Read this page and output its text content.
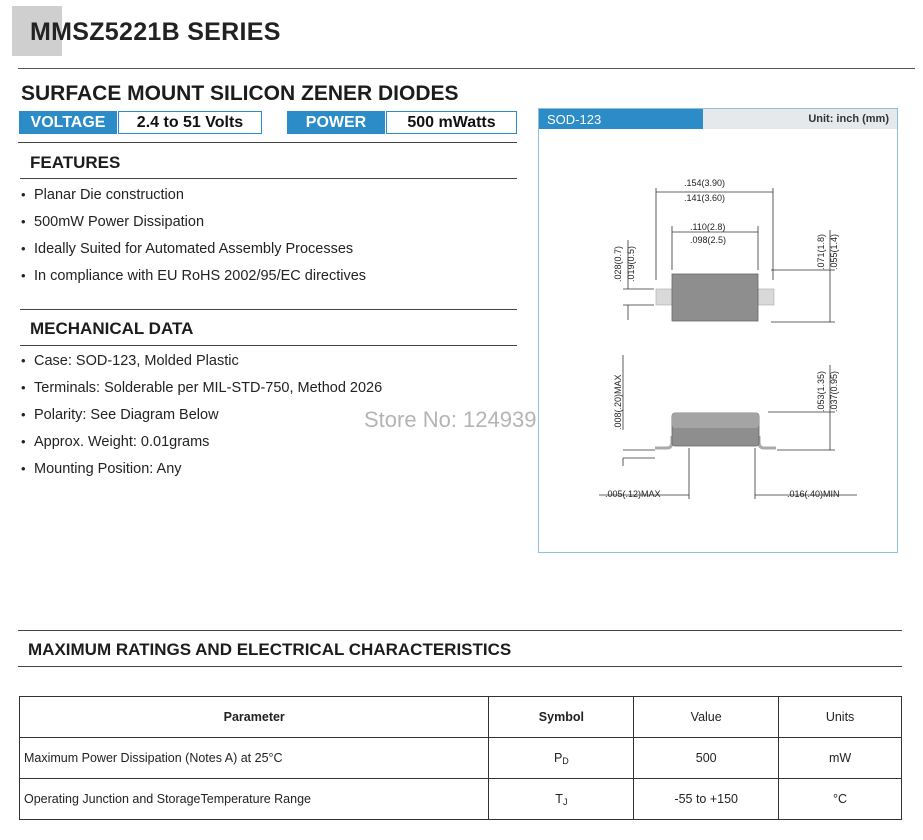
MMSZ5221B SERIES
SURFACE MOUNT SILICON ZENER DIODES
VOLTAGE	2.4 to 51 Volts	POWER	500 mWatts
FEATURES
• Planar Die construction
• 500mW Power Dissipation
• Ideally Suited for Automated Assembly Processes
• In compliance with EU RoHS 2002/95/EC directives
MECHANICAL DATA
• Case: SOD-123, Molded Plastic
• Terminals: Solderable per MIL-STD-750, Method 2026
• Polarity: See Diagram Below
• Approx. Weight: 0.01grams
• Mounting Position: Any
Store No: 124939
SOD-123	Unit: inch (mm)
.154(3.90)
.141(3.60)
.110(2.8)
.098(2.5)
.028(0.7) .019(0.5)	.071(1.8) .055(1.4)
.008(.20)MAX	.053(1.35) .037(0.95)
.005(.12)MAX	.016(.40)MIN
MAXIMUM RATINGS AND ELECTRICAL CHARACTERISTICS
Parameter	Symbol	Value	Units
Maximum Power Dissipation (Notes A) at 25°C	$P_D$	500	mW
Operating Junction and StorageTemperature Range	$T_J$	-55 to +150	°C
